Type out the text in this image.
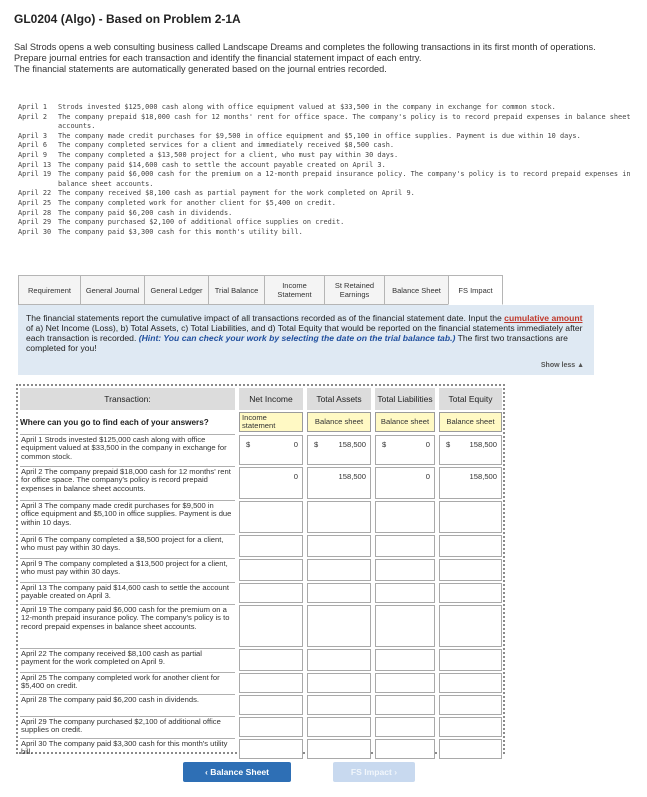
GL0204 (Algo) - Based on Problem 2-1A

Sal Strods opens a web consulting business called Landscape Dreams and completes the following transactions in its first month of operations.

Prepare journal entries for each transaction and identify the financial statement impact of each entry.

The financial statements are automatically generated based on the journal entries recorded.

April 1	Strods invested $125,000 cash along with office equipment valued at $33,500 in the company in exchange for common stock.
April 2	The company prepaid $18,000 cash for 12 months' rent for office space. The company's policy is to record prepaid expenses in balance sheet accounts.
April 3	The company made credit purchases for $9,500 in office equipment and $5,100 in office supplies. Payment is due within 10 days.
April 6	The company completed services for a client and immediately received $8,500 cash.
April 9	The company completed a $13,500 project for a client, who must pay within 30 days.
April 13 The company paid $14,600 cash to settle the account payable created on April 3.
April 19 The company paid $6,000 cash for the premium on a 12-month prepaid insurance policy. The company's policy is to record prepaid expenses in balance sheet accounts.
April 22 The company received $8,100 cash as partial payment for the work completed on April 9.
April 25 The company completed work for another client for $5,400 on credit.
April 28 The company paid $6,200 cash in dividends.
April 29 The company purchased $2,100 of additional office supplies on credit.
April 30 The company paid $3,300 cash for this month's utility bill.
Requirement General Journal General Ledger Trial Balance	Income Statement
St Retained Earnings	Balance Sheet FS Impact
The financial statements report the cumulative impact of all transactions recorded as of the financial statement date. Input the cumulative amount of a) Net Income (Loss), b) Total Assets, c) Total Liabilities, and d) Total Equity that would be reported on the financial statements immediately after each transaction is recorded. (Hint: You can check your work by selecting the date on the trial balance tab.) The first two transactions are completed for you!
Show less ▲
Transaction:	Net Income	Total Assets	Total Liabilities	Total Equity
Where can you go to find each of your answers?	Income statement	Balance sheet	Balance sheet	Balance sheet
April 1 Strods invested $125,000 cash along with office equipment valued at $33,500 in the company in exchange for common stock.
$	0 $	158,500 $	0 $	158,500
April 2 The company prepaid $18,000 cash for 12 months' rent for office space. The company's policy is record prepaid expenses in balance sheet accounts.
0	158,500	0	158,500
April 3 The company made credit purchases for $9,500 in office equipment and $5,100 in office supplies. Payment is due within 10 days.
April 6 The company completed a $8,500 project for a client, who must pay within 30 days.
April 9 The company completed a $13,500 project for a client, who must pay within 30 days.
April 13 The company paid $14,600 cash to settle the account payable created on April 3.
April 19 The company paid $6,000 cash for the premium on a 12-month prepaid insurance policy. The company's policy is to record prepaid expenses in balance sheet accounts.
April 22 The company received $8,100 cash as partial payment for the work completed on April 9.
April 25 The company completed work for another client for $5,400 on credit.
April 28 The company paid $6,200 cash in dividends.
April 29 The company purchased $2,100 of additional office supplies on credit.
April 30 The company paid $3,300 cash for this month's utility bill.
‹ Balance Sheet	FS Impact ›
